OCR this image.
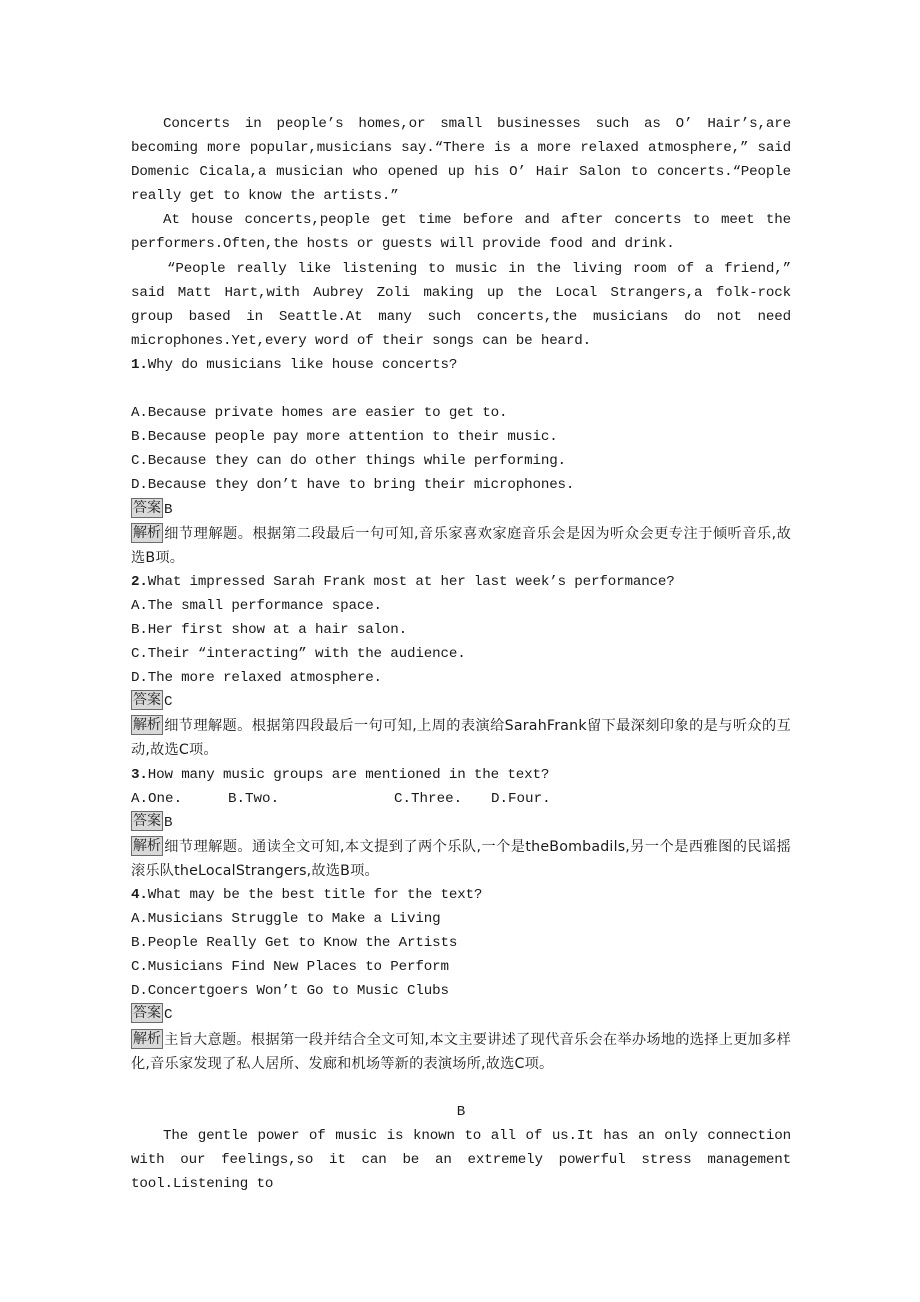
Concerts in people’s homes,or small businesses such as O’ Hair’s,are becoming more popular,musicians say.“There is a more relaxed atmosphere,” said Domenic Cicala,a musician who opened up his O’ Hair Salon to concerts.“People really get to know the artists.”
At house concerts,people get time before and after concerts to meet the performers.Often,the hosts or guests will provide food and drink.
“People really like listening to music in the living room of a friend,” said Matt Hart,with Aubrey Zoli making up the Local Strangers,a folk-rock group based in Seattle.At many such concerts,the musicians do not need microphones.Yet,every word of their songs can be heard.
1.Why do musicians like house concerts?
A.Because private homes are easier to get to.
B.Because people pay more attention to their music.
C.Because they can do other things while performing.
D.Because they don’t have to bring their microphones.
答案 B
解析 细节理解题。根据第二段最后一句可知,音乐家喜欢家庭音乐会是因为听众会更专注于倾听音乐,故选B项。
2.What impressed Sarah Frank most at her last week’s performance?
A.The small performance space.
B.Her first show at a hair salon.
C.Their “interacting” with the audience.
D.The more relaxed atmosphere.
答案 C
解析 细节理解题。根据第四段最后一句可知,上周的表演给SarahFrank留下最深刻印象的是与听众的互动,故选C项。
3.How many music groups are mentioned in the text?
A.One.	B.Two.	C.Three. D.Four.
答案 B
解析 细节理解题。通读全文可知,本文提到了两个乐队,一个是theBombadils,另一个是西雅图的民谣摇滚乐队theLocalStrangers,故选B项。
4.What may be the best title for the text?
A.Musicians Struggle to Make a Living
B.People Really Get to Know the Artists
C.Musicians Find New Places to Perform
D.Concertgoers Won’t Go to Music Clubs
答案 C
解析 主旨大意题。根据第一段并结合全文可知,本文主要讲述了现代音乐会在举办场地的选择上更加多样化,音乐家发现了私人居所、发廊和机场等新的表演场所,故选C项。
B
The gentle power of music is known to all of us.It has an only connection with our feelings,so it can be an extremely powerful stress management tool.Listening to
